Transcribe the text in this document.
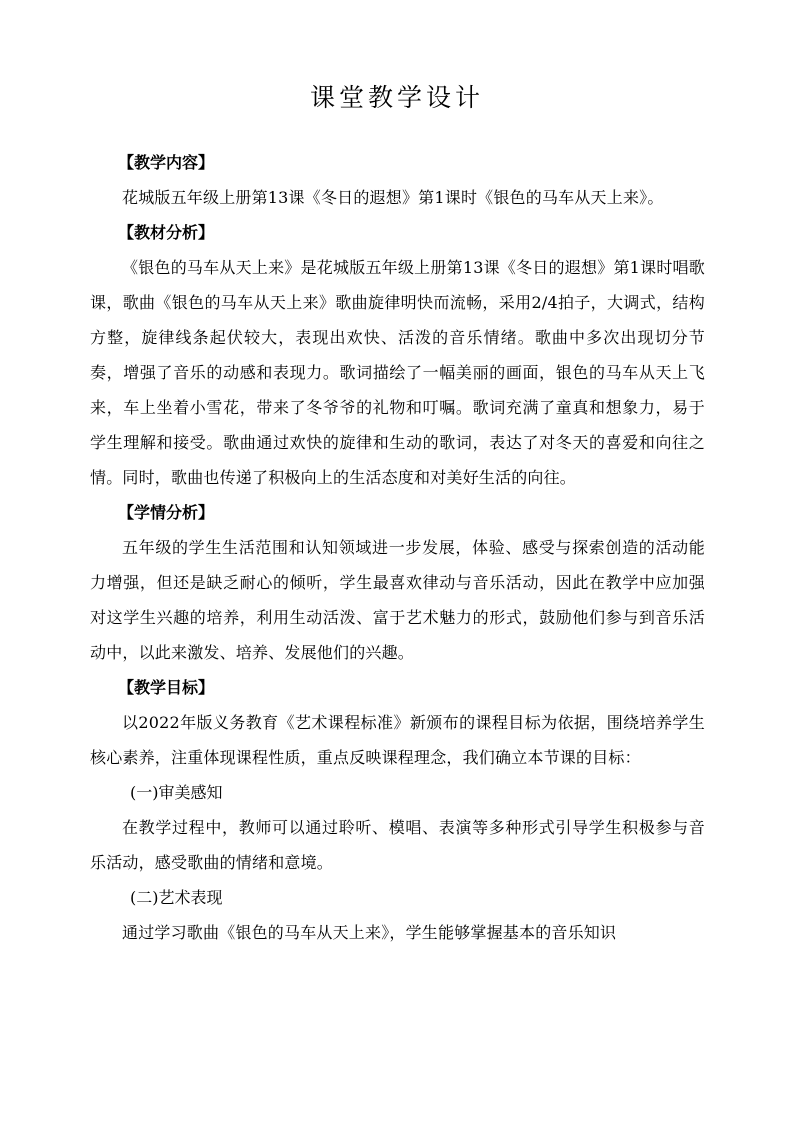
课堂教学设计

【教学内容】

花城版五年级上册第13课《冬日的遐想》第1课时《银色的马车从天上来》。

【教材分析】

《银色的马车从天上来》是花城版五年级上册第13课《冬日的遐想》第1课时唱歌课，歌曲《银色的马车从天上来》歌曲旋律明快而流畅，采用2/4拍子，大调式，结构方整，旋律线条起伏较大，表现出欢快、活泼的音乐情绪。歌曲中多次出现切分节奏，增强了音乐的动感和表现力。歌词描绘了一幅美丽的画面，银色的马车从天上飞来，车上坐着小雪花，带来了冬爷爷的礼物和叮嘱。歌词充满了童真和想象力，易于学生理解和接受。歌曲通过欢快的旋律和生动的歌词，表达了对冬天的喜爱和向往之情。同时，歌曲也传递了积极向上的生活态度和对美好生活的向往。

【学情分析】

五年级的学生生活范围和认知领域进一步发展，体验、感受与探索创造的活动能力增强，但还是缺乏耐心的倾听，学生最喜欢律动与音乐活动，因此在教学中应加强对这学生兴趣的培养，利用生动活泼、富于艺术魅力的形式，鼓励他们参与到音乐活动中，以此来激发、培养、发展他们的兴趣。

【教学目标】

以2022年版义务教育《艺术课程标准》新颁布的课程目标为依据，围绕培养学生核心素养，注重体现课程性质，重点反映课程理念，我们确立本节课的目标：

(一)审美感知

在教学过程中，教师可以通过聆听、模唱、表演等多种形式引导学生积极参与音乐活动，感受歌曲的情绪和意境。

(二)艺术表现

通过学习歌曲《银色的马车从天上来》，学生能够掌握基本的音乐知识
